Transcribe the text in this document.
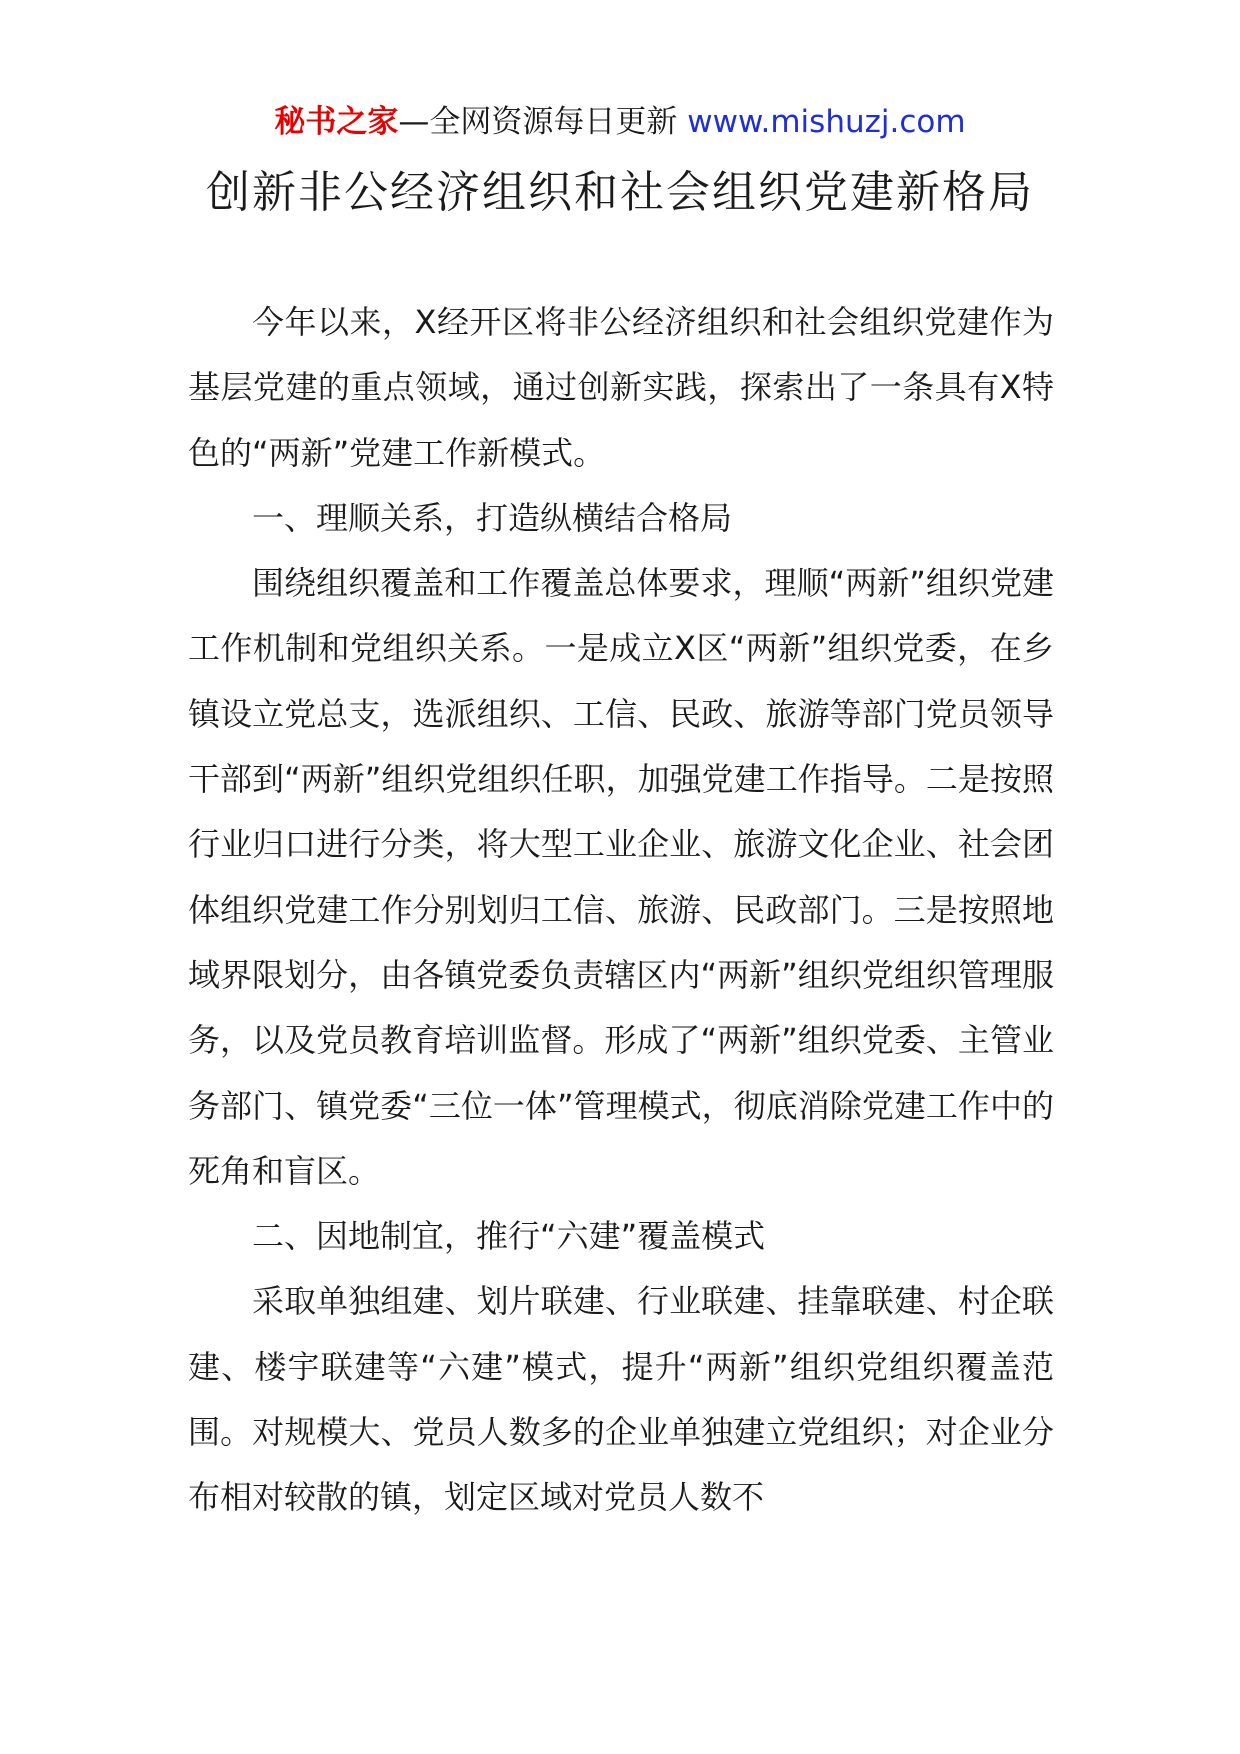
秘书之家—全网资源每日更新 www.mishuzj.com
创新非公经济组织和社会组织党建新格局

今年以来，X经开区将非公经济组织和社会组织党建作为基层党建的重点领域，通过创新实践，探索出了一条具有X特色的“两新”党建工作新模式。

一、理顺关系，打造纵横结合格局

围绕组织覆盖和工作覆盖总体要求，理顺“两新”组织党建工作机制和党组织关系。一是成立X区“两新”组织党委，在乡镇设立党总支，选派组织、工信、民政、旅游等部门党员领导干部到“两新”组织党组织任职，加强党建工作指导。二是按照行业归口进行分类，将大型工业企业、旅游文化企业、社会团体组织党建工作分别划归工信、旅游、民政部门。三是按照地域界限划分，由各镇党委负责辖区内“两新”组织党组织管理服务，以及党员教育培训监督。形成了“两新”组织党委、主管业务部门、镇党委“三位一体”管理模式，彻底消除党建工作中的死角和盲区。

二、因地制宜，推行“六建”覆盖模式

采取单独组建、划片联建、行业联建、挂靠联建、村企联建、楼宇联建等“六建”模式，提升“两新”组织党组织覆盖范围。对规模大、党员人数多的企业单独建立党组织；对企业分布相对较散的镇，划定区域对党员人数不
